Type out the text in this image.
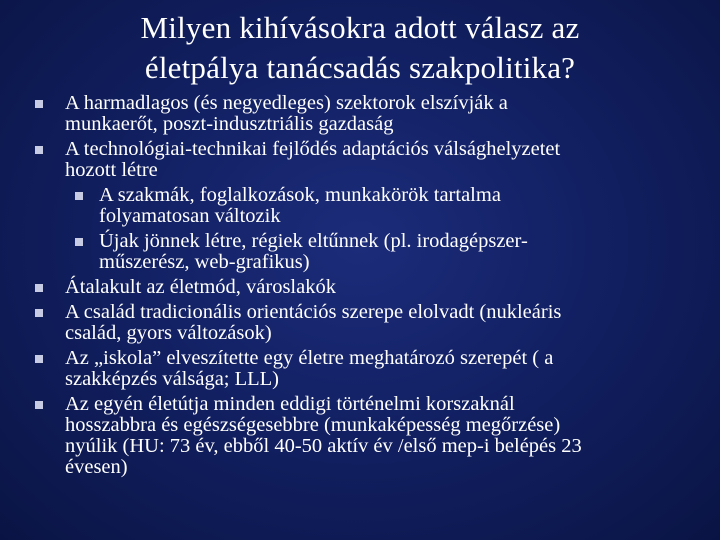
Milyen kihívásokra adott válasz az
életpálya tanácsadás szakpolitika?
A harmadlagos (és negyedleges) szektorok elszívják a
munkaerőt, poszt-indusztriális gazdaság
A technológiai-technikai fejlődés adaptációs válsághelyzetet
hozott létre
A szakmák, foglalkozások, munkakörök tartalma
folyamatosan változik
Újak jönnek létre, régiek eltűnnek (pl. irodagépszer-
műszerész, web-grafikus)
Átalakult az életmód, városlakók
A család tradicionális orientációs szerepe elolvadt (nukleáris
család, gyors változások)
Az „iskola” elveszítette egy életre meghatározó szerepét ( a
szakképzés válsága; LLL)
Az egyén életútja minden eddigi történelmi korszaknál
hosszabbra és egészségesebbre (munkaképesség megőrzése)
nyúlik (HU: 73 év, ebből 40-50 aktív év /első mep-i belépés 23
évesen)
